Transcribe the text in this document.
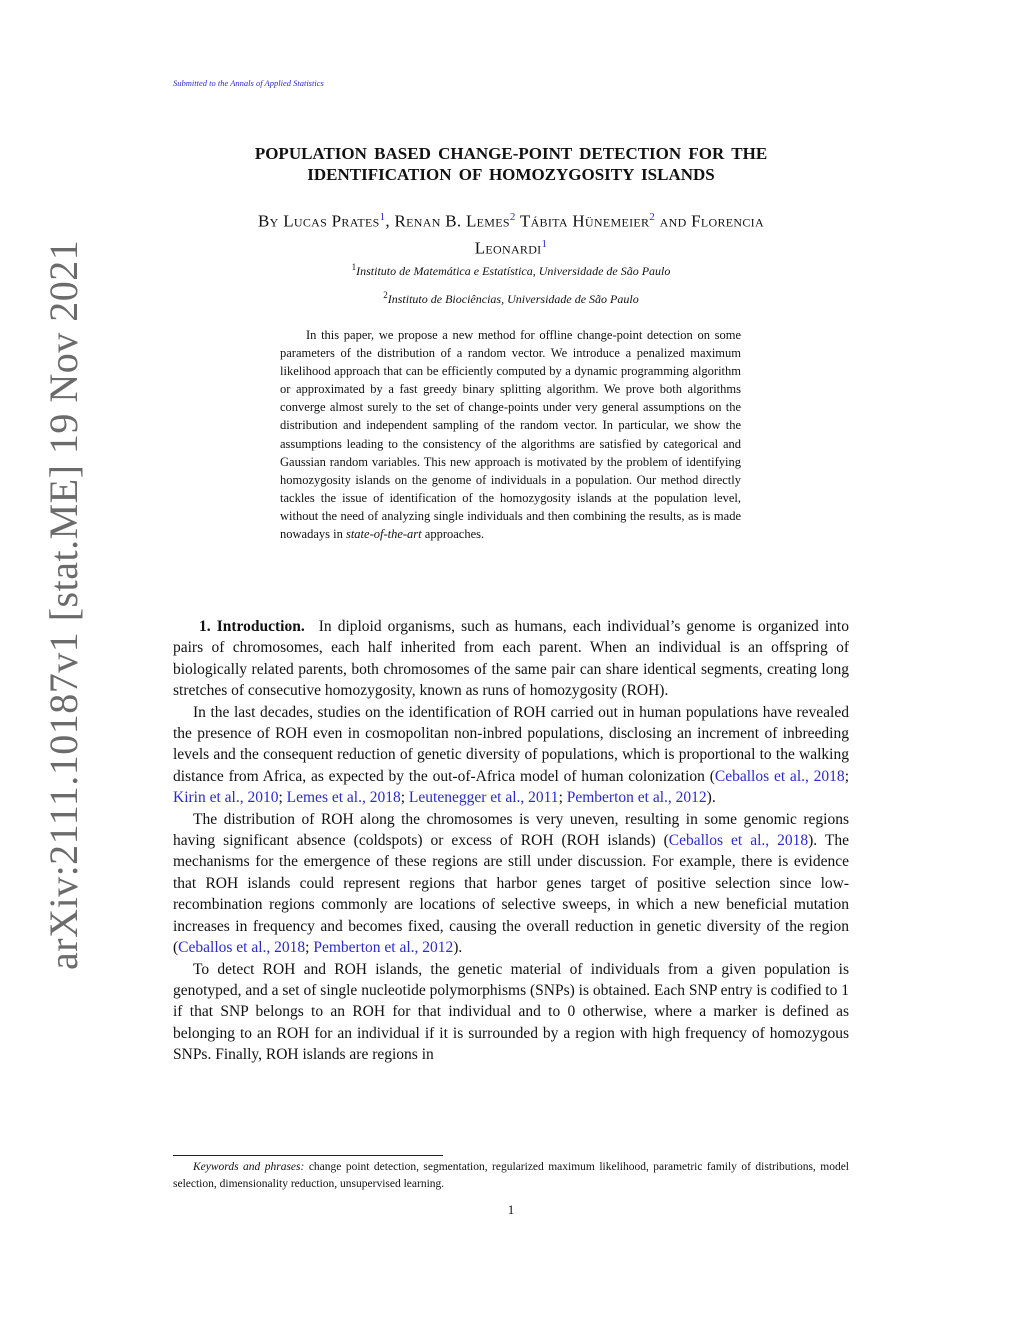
Submitted to the Annals of Applied Statistics
arXiv:2111.10187v1 [stat.ME] 19 Nov 2021
POPULATION BASED CHANGE-POINT DETECTION FOR THE
IDENTIFICATION OF HOMOZYGOSITY ISLANDS
By Lucas Prates$^1$, Renan B. Lemes$^2$ Tábita Hünemeier$^2$ and Florencia
Leonardi$^1$
$^1$Instituto de Matemática e Estatística, Universidade de São Paulo
$^2$Instituto de Biociências, Universidade de São Paulo
In this paper, we propose a new method for offline change-point detection on some parameters of the distribution of a random vector. We introduce a penalized maximum likelihood approach that can be efficiently computed by a dynamic programming algorithm or approximated by a fast greedy binary splitting algorithm. We prove both algorithms converge almost surely to the set of change-points under very general assumptions on the distribution and independent sampling of the random vector. In particular, we show the assumptions leading to the consistency of the algorithms are satisfied by categorical and Gaussian random variables. This new approach is motivated by the problem of identifying homozygosity islands on the genome of individuals in a population. Our method directly tackles the issue of identification of the homozygosity islands at the population level, without the need of analyzing single individuals and then combining the results, as is made nowadays in state-of-the-art approaches.

1. Introduction. In diploid organisms, such as humans, each individual’s genome is organized into pairs of chromosomes, each half inherited from each parent. When an individual is an offspring of biologically related parents, both chromosomes of the same pair can share identical segments, creating long stretches of consecutive homozygosity, known as runs of homozygosity (ROH).

In the last decades, studies on the identification of ROH carried out in human populations have revealed the presence of ROH even in cosmopolitan non-inbred populations, disclosing an increment of inbreeding levels and the consequent reduction of genetic diversity of populations, which is proportional to the walking distance from Africa, as expected by the out-of-Africa model of human colonization (Ceballos et al., 2018; Kirin et al., 2010; Lemes et al., 2018; Leutenegger et al., 2011; Pemberton et al., 2012).

The distribution of ROH along the chromosomes is very uneven, resulting in some genomic regions having significant absence (coldspots) or excess of ROH (ROH islands) (Ceballos et al., 2018). The mechanisms for the emergence of these regions are still under discussion. For example, there is evidence that ROH islands could represent regions that harbor genes target of positive selection since low-recombination regions commonly are locations of selective sweeps, in which a new beneficial mutation increases in frequency and becomes fixed, causing the overall reduction in genetic diversity of the region (Ceballos et al., 2018; Pemberton et al., 2012).

To detect ROH and ROH islands, the genetic material of individuals from a given population is genotyped, and a set of single nucleotide polymorphisms (SNPs) is obtained. Each SNP entry is codified to 1 if that SNP belongs to an ROH for that individual and to 0 otherwise, where a marker is defined as belonging to an ROH for an individual if it is surrounded by a region with high frequency of homozygous SNPs. Finally, ROH islands are regions in

Keywords and phrases: change point detection, segmentation, regularized maximum likelihood, parametric family of distributions, model selection, dimensionality reduction, unsupervised learning.
1
